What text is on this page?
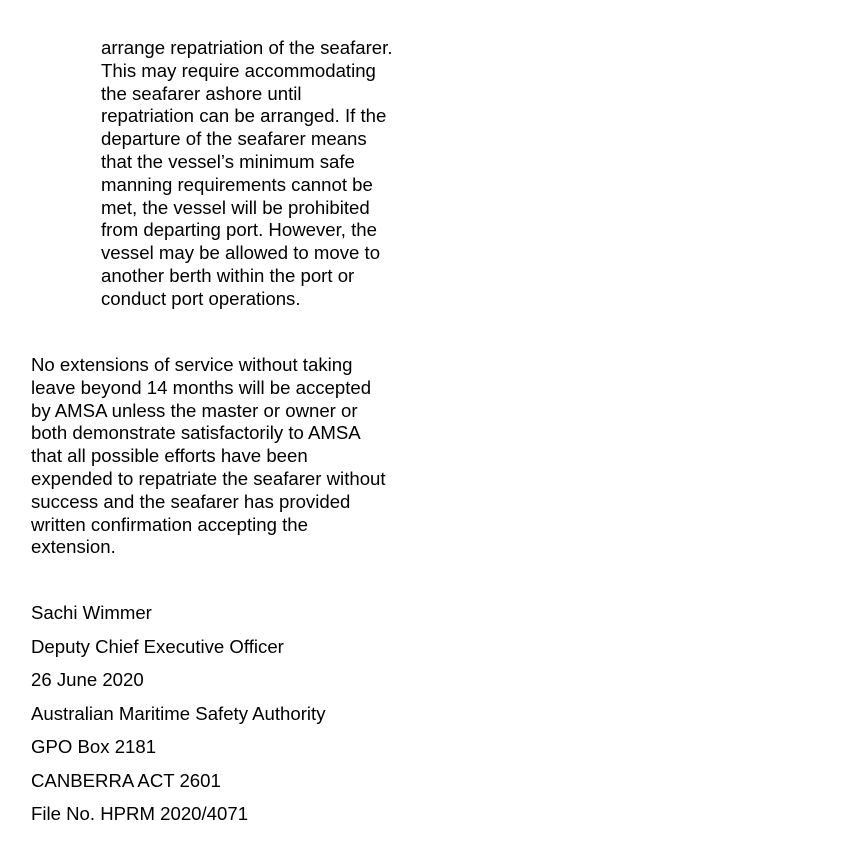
arrange repatriation of the seafarer.
This may require accommodating
the seafarer ashore until
repatriation can be arranged. If the
departure of the seafarer means
that the vessel’s minimum safe
manning requirements cannot be
met, the vessel will be prohibited
from departing port. However, the
vessel may be allowed to move to
another berth within the port or
conduct port operations.
No extensions of service without taking
leave beyond 14 months will be accepted
by AMSA unless the master or owner or
both demonstrate satisfactorily to AMSA
that all possible efforts have been
expended to repatriate the seafarer without
success and the seafarer has provided
written confirmation accepting the
extension.
Sachi Wimmer
Deputy Chief Executive Officer
26 June 2020
Australian Maritime Safety Authority
GPO Box 2181
CANBERRA ACT 2601
File No. HPRM 2020/4071
